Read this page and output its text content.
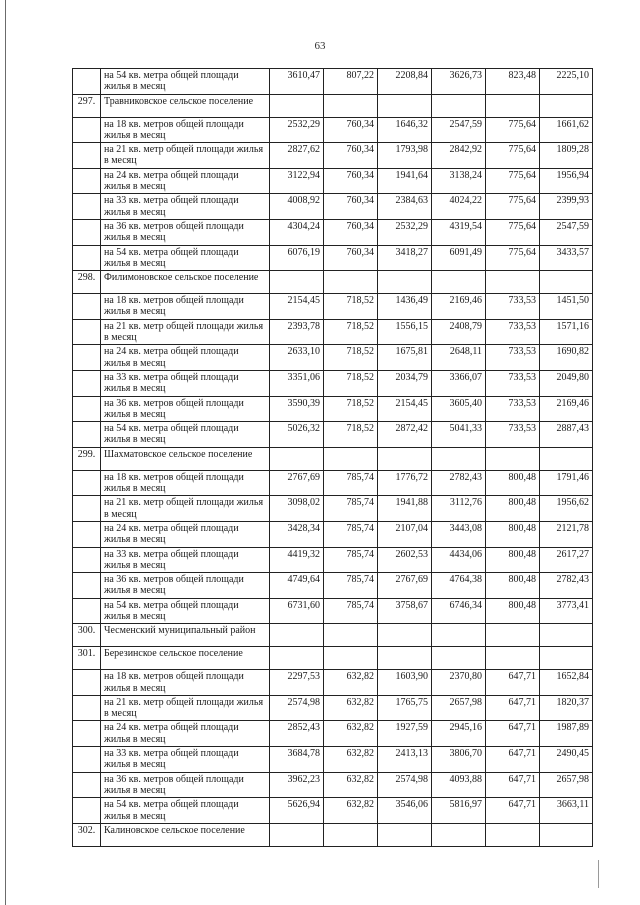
63
	на 54 кв. метра общей площади жилья в месяц	3610,47	807,22	2208,84	3626,73	823,48	2225,10
297.	Травниковское сельское поселение						
	на 18 кв. метров общей площади жилья в месяц	2532,29	760,34	1646,32	2547,59	775,64	1661,62
	на 21 кв. метр общей площади жилья в месяц	2827,62	760,34	1793,98	2842,92	775,64	1809,28
	на 24 кв. метра общей площади жилья в месяц	3122,94	760,34	1941,64	3138,24	775,64	1956,94
	на 33 кв. метра общей площади жилья в месяц	4008,92	760,34	2384,63	4024,22	775,64	2399,93
	на 36 кв. метров общей площади жилья в месяц	4304,24	760,34	2532,29	4319,54	775,64	2547,59
	на 54 кв. метра общей площади жилья в месяц	6076,19	760,34	3418,27	6091,49	775,64	3433,57
298.	Филимоновское сельское поселение						
	на 18 кв. метров общей площади жилья в месяц	2154,45	718,52	1436,49	2169,46	733,53	1451,50
	на 21 кв. метр общей площади жилья в месяц	2393,78	718,52	1556,15	2408,79	733,53	1571,16
	на 24 кв. метра общей площади жилья в месяц	2633,10	718,52	1675,81	2648,11	733,53	1690,82
	на 33 кв. метра общей площади жилья в месяц	3351,06	718,52	2034,79	3366,07	733,53	2049,80
	на 36 кв. метров общей площади жилья в месяц	3590,39	718,52	2154,45	3605,40	733,53	2169,46
	на 54 кв. метра общей площади жилья в месяц	5026,32	718,52	2872,42	5041,33	733,53	2887,43
299.	Шахматовское сельское поселение						
	на 18 кв. метров общей площади жилья в месяц	2767,69	785,74	1776,72	2782,43	800,48	1791,46
	на 21 кв. метр общей площади жилья в месяц	3098,02	785,74	1941,88	3112,76	800,48	1956,62
	на 24 кв. метра общей площади жилья в месяц	3428,34	785,74	2107,04	3443,08	800,48	2121,78
	на 33 кв. метра общей площади жилья в месяц	4419,32	785,74	2602,53	4434,06	800,48	2617,27
	на 36 кв. метров общей площади жилья в месяц	4749,64	785,74	2767,69	4764,38	800,48	2782,43
	на 54 кв. метра общей площади жилья в месяц	6731,60	785,74	3758,67	6746,34	800,48	3773,41
300.	Чесменский муниципальный район						
301.	Березинское сельское поселение						
	на 18 кв. метров общей площади жилья в месяц	2297,53	632,82	1603,90	2370,80	647,71	1652,84
	на 21 кв. метр общей площади жилья в месяц	2574,98	632,82	1765,75	2657,98	647,71	1820,37
	на 24 кв. метра общей площади жилья в месяц	2852,43	632,82	1927,59	2945,16	647,71	1987,89
	на 33 кв. метра общей площади жилья в месяц	3684,78	632,82	2413,13	3806,70	647,71	2490,45
	на 36 кв. метров общей площади жилья в месяц	3962,23	632,82	2574,98	4093,88	647,71	2657,98
	на 54 кв. метра общей площади жилья в месяц	5626,94	632,82	3546,06	5816,97	647,71	3663,11
302.	Калиновское сельское поселение						
